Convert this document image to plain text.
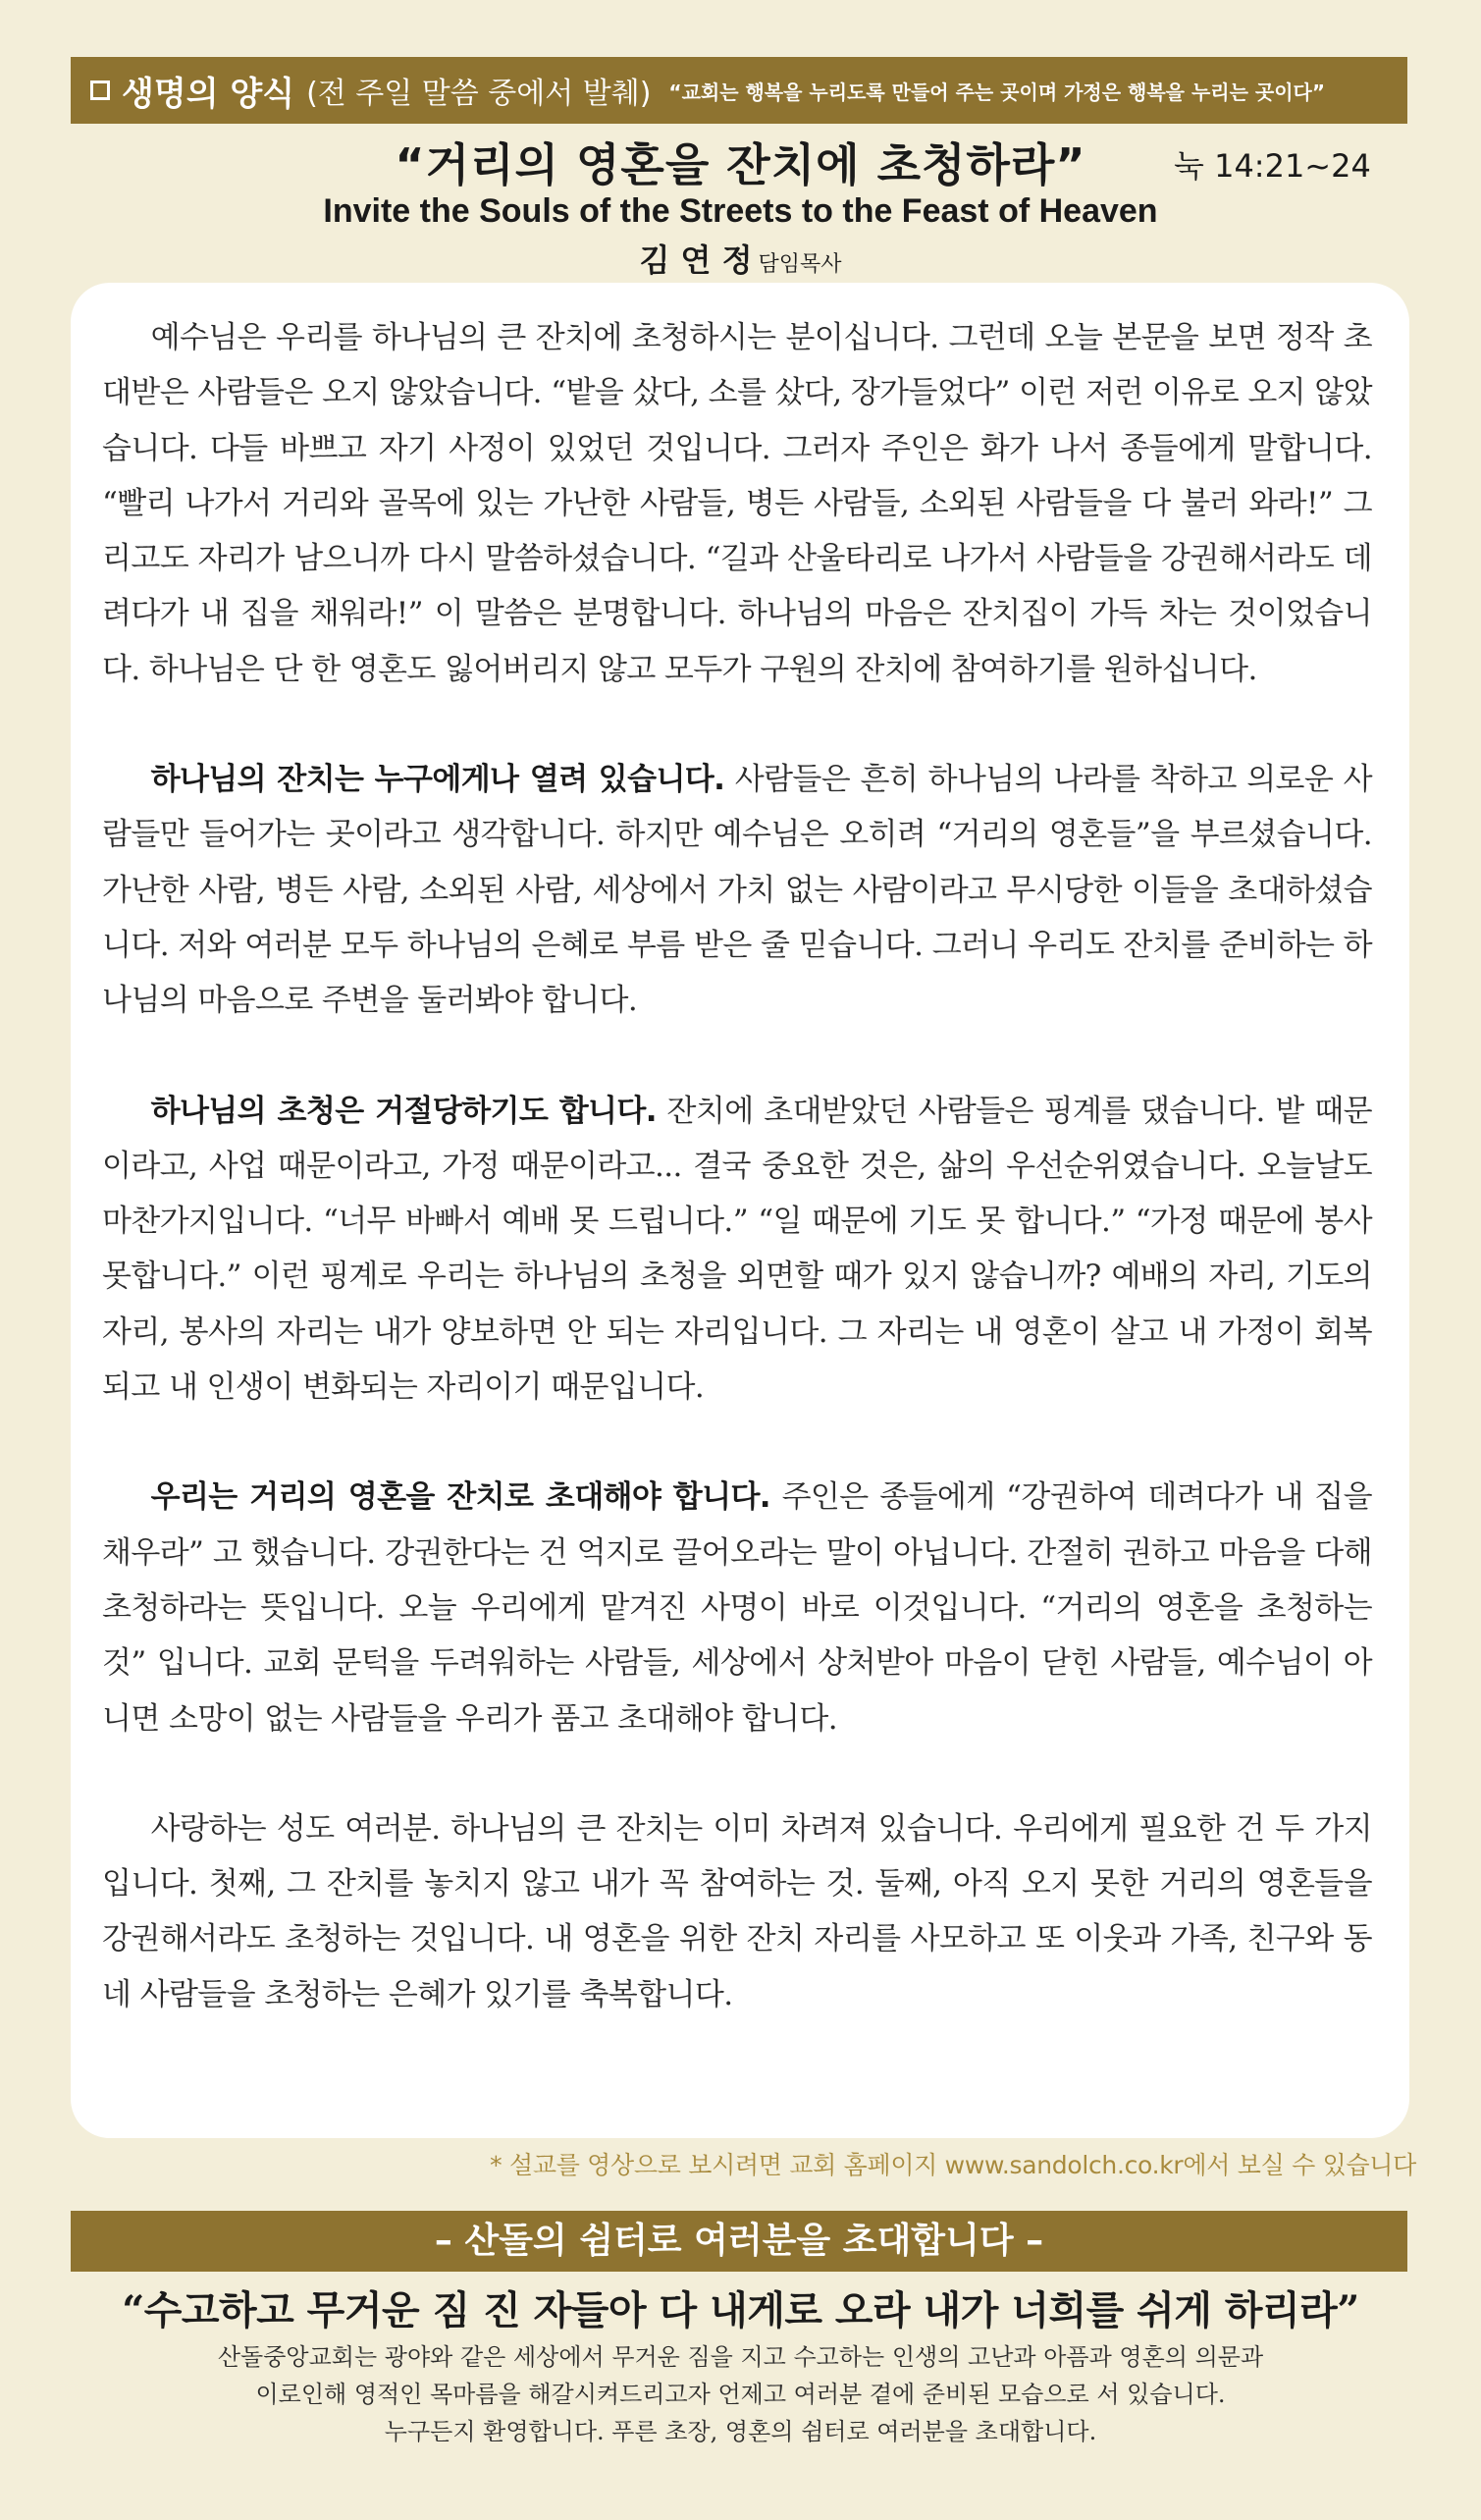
생명의 양식 (전 주일 말씀 중에서 발췌) “교회는 행복을 누리도록 만들어 주는 곳이며 가정은 행복을 누리는 곳이다”
“거리의 영혼을 잔치에 초청하라”	눅 14:21~24
Invite the Souls of the Streets to the Feast of Heaven
김 연 정 담임목사

예수님은 우리를 하나님의 큰 잔치에 초청하시는 분이십니다. 그런데 오늘 본문을 보면 정작 초대받은 사람들은 오지 않았습니다. “밭을 샀다, 소를 샀다, 장가들었다” 이런 저런 이유로 오지 않았습니다. 다들 바쁘고 자기 사정이 있었던 것입니다. 그러자 주인은 화가 나서 종들에게 말합니다. “빨리 나가서 거리와 골목에 있는 가난한 사람들, 병든 사람들, 소외된 사람들을 다 불러 와라!” 그리고도 자리가 남으니까 다시 말씀하셨습니다. “길과 산울타리로 나가서 사람들을 강권해서라도 데려다가 내 집을 채워라!” 이 말씀은 분명합니다. 하나님의 마음은 잔치집이 가득 차는 것이었습니다. 하나님은 단 한 영혼도 잃어버리지 않고 모두가 구원의 잔치에 참여하기를 원하십니다.

하나님의 잔치는 누구에게나 열려 있습니다. 사람들은 흔히 하나님의 나라를 착하고 의로운 사람들만 들어가는 곳이라고 생각합니다. 하지만 예수님은 오히려 “거리의 영혼들”을 부르셨습니다. 가난한 사람, 병든 사람, 소외된 사람, 세상에서 가치 없는 사람이라고 무시당한 이들을 초대하셨습니다. 저와 여러분 모두 하나님의 은혜로 부름 받은 줄 믿습니다. 그러니 우리도 잔치를 준비하는 하나님의 마음으로 주변을 둘러봐야 합니다.

하나님의 초청은 거절당하기도 합니다. 잔치에 초대받았던 사람들은 핑계를 댔습니다. 밭 때문이라고, 사업 때문이라고, 가정 때문이라고... 결국 중요한 것은, 삶의 우선순위였습니다. 오늘날도 마찬가지입니다. “너무 바빠서 예배 못 드립니다.” “일 때문에 기도 못 합니다.” “가정 때문에 봉사 못합니다.” 이런 핑계로 우리는 하나님의 초청을 외면할 때가 있지 않습니까? 예배의 자리, 기도의 자리, 봉사의 자리는 내가 양보하면 안 되는 자리입니다. 그 자리는 내 영혼이 살고 내 가정이 회복되고 내 인생이 변화되는 자리이기 때문입니다.

우리는 거리의 영혼을 잔치로 초대해야 합니다. 주인은 종들에게 “강권하여 데려다가 내 집을 채우라” 고 했습니다. 강권한다는 건 억지로 끌어오라는 말이 아닙니다. 간절히 권하고 마음을 다해 초청하라는 뜻입니다. 오늘 우리에게 맡겨진 사명이 바로 이것입니다. “거리의 영혼을 초청하는 것” 입니다. 교회 문턱을 두려워하는 사람들, 세상에서 상처받아 마음이 닫힌 사람들, 예수님이 아니면 소망이 없는 사람들을 우리가 품고 초대해야 합니다.

사랑하는 성도 여러분. 하나님의 큰 잔치는 이미 차려져 있습니다. 우리에게 필요한 건 두 가지입니다. 첫째, 그 잔치를 놓치지 않고 내가 꼭 참여하는 것. 둘째, 아직 오지 못한 거리의 영혼들을 강권해서라도 초청하는 것입니다. 내 영혼을 위한 잔치 자리를 사모하고 또 이웃과 가족, 친구와 동네 사람들을 초청하는 은혜가 있기를 축복합니다.

* 설교를 영상으로 보시려면 교회 홈페이지 www.sandolch.co.kr에서 보실 수 있습니다
– 산돌의 쉼터로 여러분을 초대합니다 –
“수고하고 무거운 짐 진 자들아 다 내게로 오라 내가 너희를 쉬게 하리라”
산돌중앙교회는 광야와 같은 세상에서 무거운 짐을 지고 수고하는 인생의 고난과 아픔과 영혼의 의문과
이로인해 영적인 목마름을 해갈시켜드리고자 언제고 여러분 곁에 준비된 모습으로 서 있습니다.
누구든지 환영합니다. 푸른 초장, 영혼의 쉼터로 여러분을 초대합니다.
